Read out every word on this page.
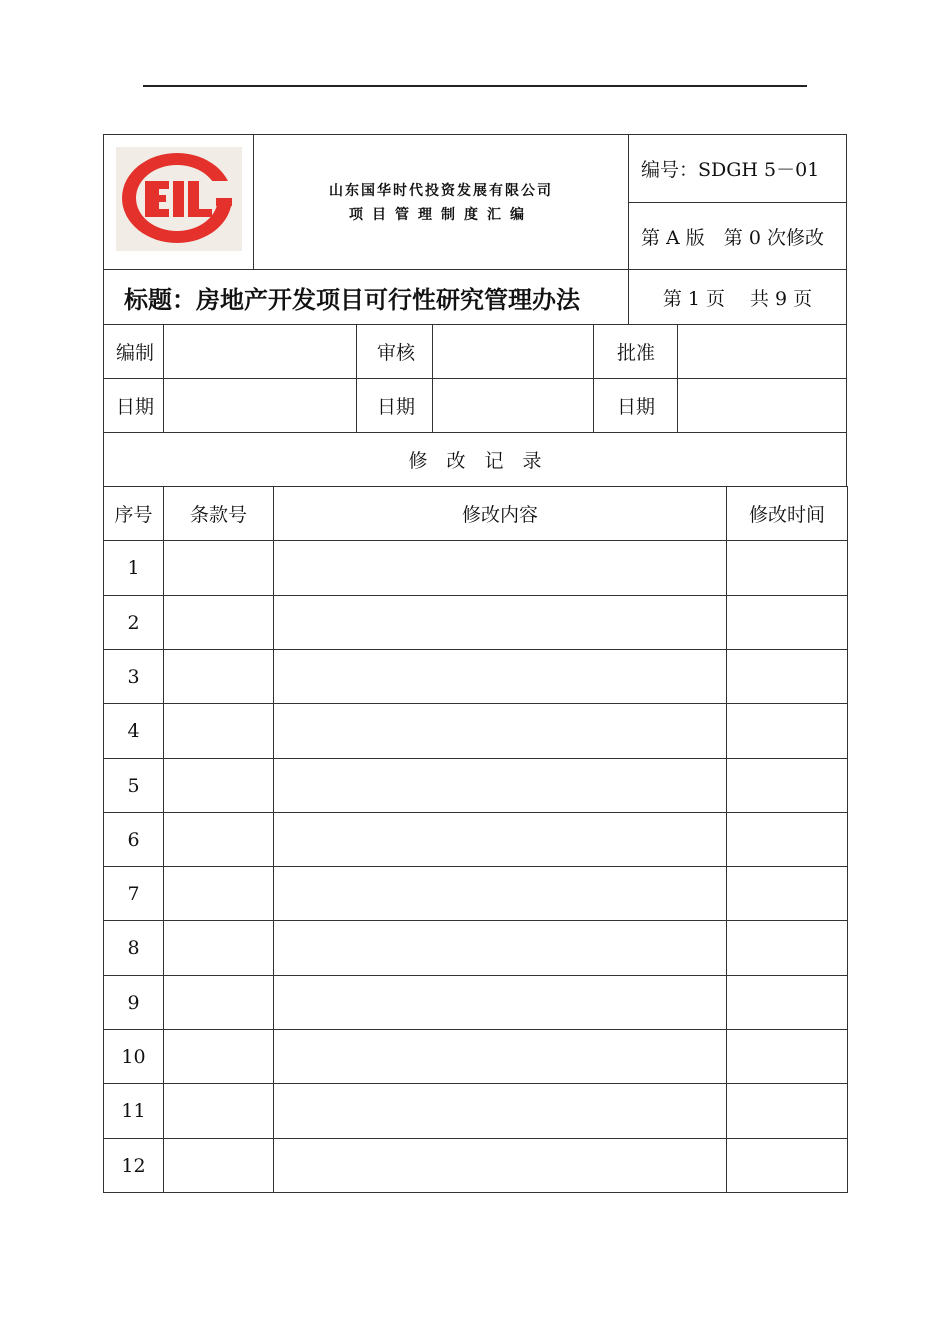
山东国华时代投资发展有限公司
项目管理制度汇编
编号：SDGH 5－01
第 A 版　第 0 次修改
标题：房地产开发项目可行性研究管理办法	第 1 页　 共 9 页
编制	审核	批准
日期	日期	日期
修　改　记　录
序号	条款号	修改内容	修改时间
1
2
3
4
5
6
7
8
9
10
11
12
